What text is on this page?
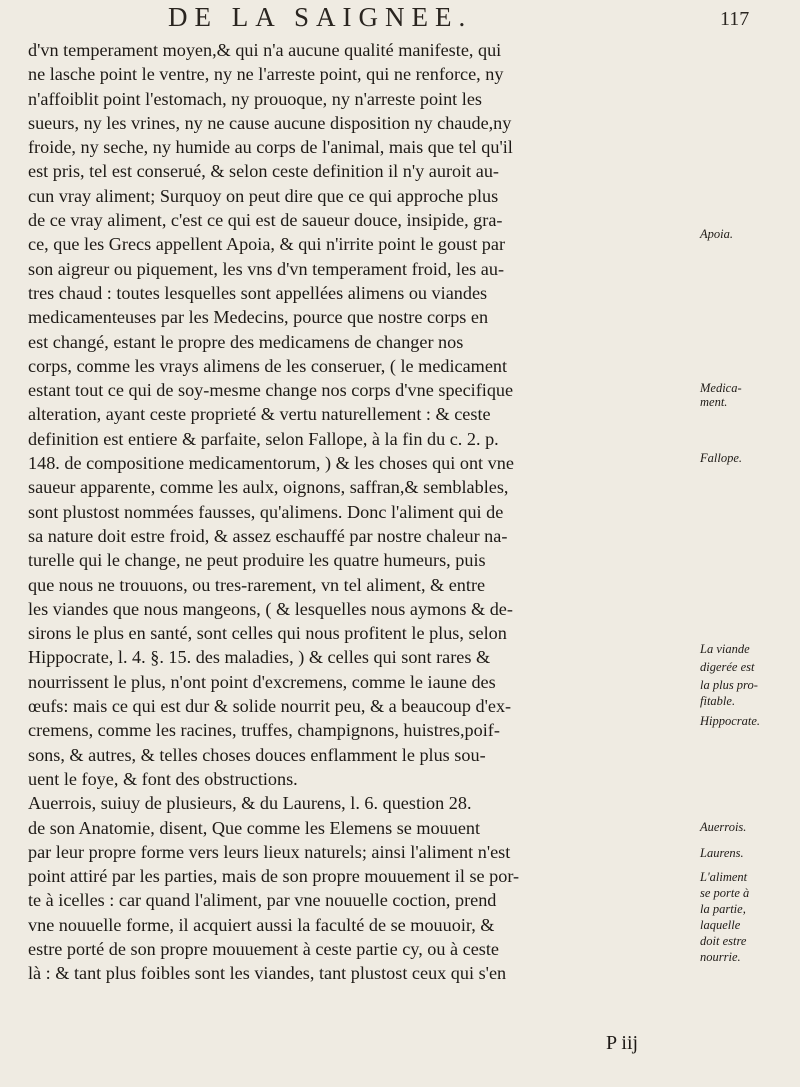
DE LA SAIGNEE.	117
d'vn temperament moyen,& qui n'a aucune qualité manifeste, qui
ne lasche point le ventre, ny ne l'arreste point, qui ne renforce, ny
n'affoiblit point l'estomach, ny prouoque, ny n'arreste point les
sueurs, ny les vrines, ny ne cause aucune disposition ny chaude,ny
froide, ny seche, ny humide au corps de l'animal, mais que tel qu'il
est pris, tel est conserué, & selon ceste definition il n'y auroit au-
cun vray aliment; Surquoy on peut dire que ce qui approche plus
de ce vray aliment, c'est ce qui est de saueur douce, insipide, gra-
ce, que les Grecs appellent Apoia, & qui n'irrite point le goust par
son aigreur ou piquement, les vns d'vn temperament froid, les au-
tres chaud : toutes lesquelles sont appellées alimens ou viandes
medicamenteuses par les Medecins, pource que nostre corps en
est changé, estant le propre des medicamens de changer nos
corps, comme les vrays alimens de les conseruer, ( le medicament
estant tout ce qui de soy-mesme change nos corps d'vne specifique
alteration, ayant ceste proprieté & vertu naturellement : & ceste
definition est entiere & parfaite, selon Fallope, à la fin du c. 2. p.
148. de compositione medicamentorum, ) & les choses qui ont vne
saueur apparente, comme les aulx, oignons, saffran,& semblables,
sont plustost nommées fausses, qu'alimens. Donc l'aliment qui de
sa nature doit estre froid, & assez eschauffé par nostre chaleur na-
turelle qui le change, ne peut produire les quatre humeurs, puis
que nous ne trouuons, ou tres-rarement, vn tel aliment, & entre
les viandes que nous mangeons, ( & lesquelles nous aymons & de-
sirons le plus en santé, sont celles qui nous profitent le plus, selon
Hippocrate, l. 4. §. 15. des maladies, ) & celles qui sont rares &
nourrissent le plus, n'ont point d'excremens, comme le iaune des
œufs: mais ce qui est dur & solide nourrit peu, & a beaucoup d'ex-
cremens, comme les racines, truffes, champignons, huistres,poif-
sons, & autres, & telles choses douces enflamment le plus sou-
uent le foye, & font des obstructions.
Auerrois, suiuy de plusieurs, & du Laurens, l. 6. question 28.
de son Anatomie, disent, Que comme les Elemens se mouuent
par leur propre forme vers leurs lieux naturels; ainsi l'aliment n'est
point attiré par les parties, mais de son propre mouuement il se por-
te à icelles : car quand l'aliment, par vne nouuelle coction, prend
vne nouuelle forme, il acquiert aussi la faculté de se mouuoir, &
estre porté de son propre mouuement à ceste partie cy, ou à ceste
là : & tant plus foibles sont les viandes, tant plustost ceux qui s'en
Apoia.
Medica-
ment.
Fallope.
La viande
digerée est
la plus pro-
fitable.
Hippocrate.
Auerrois.
Laurens.
L'aliment
se porte à
la partie,
laquelle
doit estre
nourrie.
P iij
